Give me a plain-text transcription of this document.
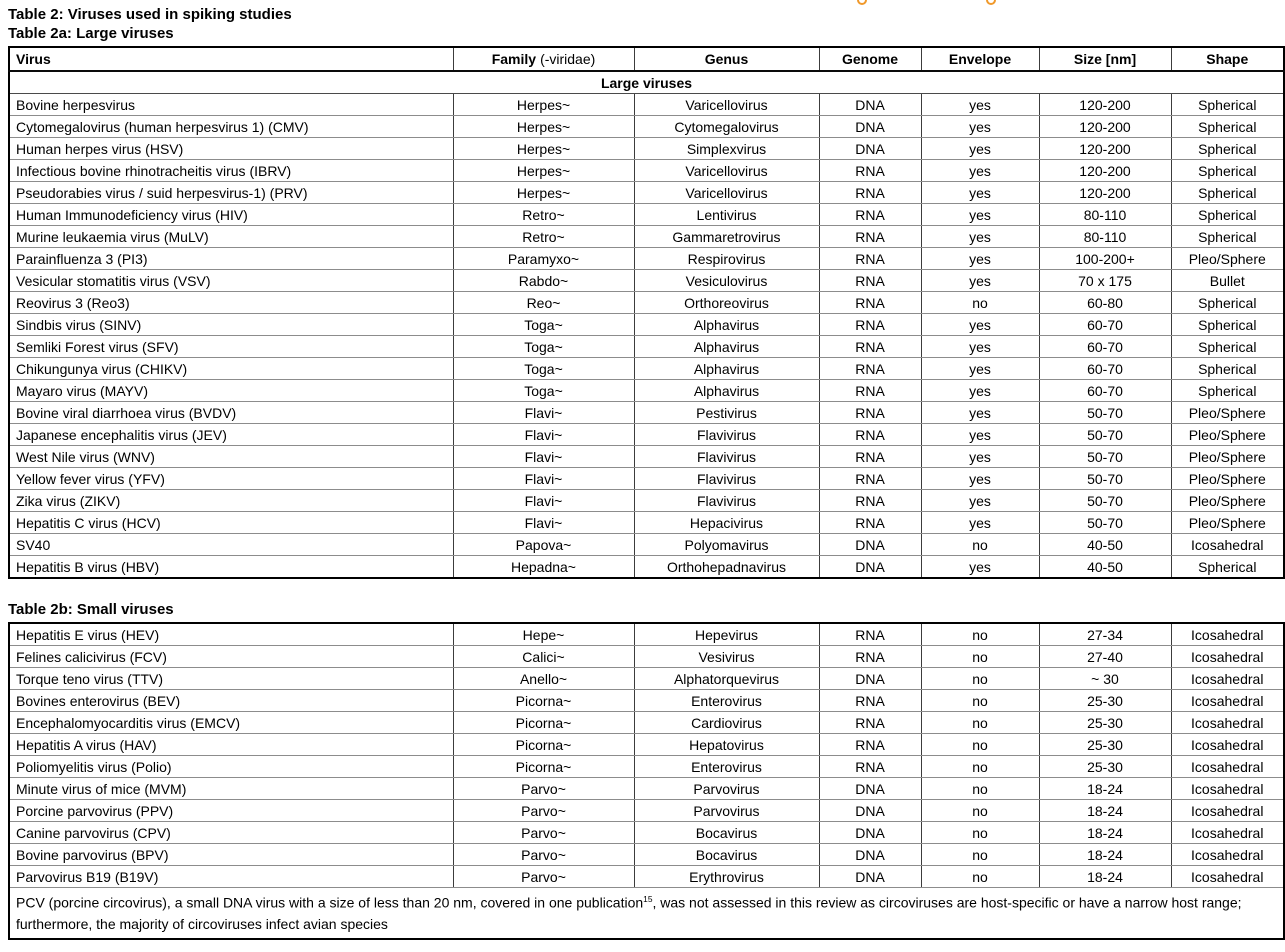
Table 2: Viruses used in spiking studies
Table 2a: Large viruses
Virus	Family (-viridae)	Genus	Genome	Envelope	Size [nm]	Shape
Large viruses						
Bovine herpesvirus	Herpes~	Varicellovirus	DNA	yes	120-200	Spherical
Cytomegalovirus (human herpesvirus 1) (CMV)	Herpes~	Cytomegalovirus	DNA	yes	120-200	Spherical
Human herpes virus (HSV)	Herpes~	Simplexvirus	DNA	yes	120-200	Spherical
Infectious bovine rhinotracheitis virus (IBRV)	Herpes~	Varicellovirus	RNA	yes	120-200	Spherical
Pseudorabies virus / suid herpesvirus-1) (PRV)	Herpes~	Varicellovirus	RNA	yes	120-200	Spherical
Human Immunodeficiency virus (HIV)	Retro~	Lentivirus	RNA	yes	80-110	Spherical
Murine leukaemia virus (MuLV)	Retro~	Gammaretrovirus	RNA	yes	80-110	Spherical
Parainfluenza 3 (PI3)	Paramyxo~	Respirovirus	RNA	yes	100-200+	Pleo/Sphere
Vesicular stomatitis virus (VSV)	Rabdo~	Vesiculovirus	RNA	yes	70 x 175	Bullet
Reovirus 3 (Reo3)	Reo~	Orthoreovirus	RNA	no	60-80	Spherical
Sindbis virus (SINV)	Toga~	Alphavirus	RNA	yes	60-70	Spherical
Semliki Forest virus (SFV)	Toga~	Alphavirus	RNA	yes	60-70	Spherical
Chikungunya virus (CHIKV)	Toga~	Alphavirus	RNA	yes	60-70	Spherical
Mayaro virus (MAYV)	Toga~	Alphavirus	RNA	yes	60-70	Spherical
Bovine viral diarrhoea virus (BVDV)	Flavi~	Pestivirus	RNA	yes	50-70	Pleo/Sphere
Japanese encephalitis virus (JEV)	Flavi~	Flavivirus	RNA	yes	50-70	Pleo/Sphere
West Nile virus (WNV)	Flavi~	Flavivirus	RNA	yes	50-70	Pleo/Sphere
Yellow fever virus (YFV)	Flavi~	Flavivirus	RNA	yes	50-70	Pleo/Sphere
Zika virus (ZIKV)	Flavi~	Flavivirus	RNA	yes	50-70	Pleo/Sphere
Hepatitis C virus (HCV)	Flavi~	Hepacivirus	RNA	yes	50-70	Pleo/Sphere
SV40	Papova~	Polyomavirus	DNA	no	40-50	Icosahedral
Hepatitis B virus (HBV)	Hepadna~	Orthohepadnavirus	DNA	yes	40-50	Spherical
Table 2b: Small viruses
Hepatitis E virus (HEV)	Hepe~	Hepevirus	RNA	no	27-34	Icosahedral
Felines calicivirus (FCV)	Calici~	Vesivirus	RNA	no	27-40	Icosahedral
Torque teno virus (TTV)	Anello~	Alphatorquevirus	DNA	no	~ 30	Icosahedral
Bovines enterovirus (BEV)	Picorna~	Enterovirus	RNA	no	25-30	Icosahedral
Encephalomyocarditis virus (EMCV)	Picorna~	Cardiovirus	RNA	no	25-30	Icosahedral
Hepatitis A virus (HAV)	Picorna~	Hepatovirus	RNA	no	25-30	Icosahedral
Poliomyelitis virus (Polio)	Picorna~	Enterovirus	RNA	no	25-30	Icosahedral
Minute virus of mice (MVM)	Parvo~	Parvovirus	DNA	no	18-24	Icosahedral
Porcine parvovirus (PPV)	Parvo~	Parvovirus	DNA	no	18-24	Icosahedral
Canine parvovirus (CPV)	Parvo~	Bocavirus	DNA	no	18-24	Icosahedral
Bovine parvovirus (BPV)	Parvo~	Bocavirus	DNA	no	18-24	Icosahedral
Parvovirus B19 (B19V)	Parvo~	Erythrovirus	DNA	no	18-24	Icosahedral
PCV (porcine circovirus), a small DNA virus with a size of less than 20 nm, covered in one publication$^{15}$, was not assessed in this review as circoviruses are host-specific or have a narrow host range; furthermore, the majority of circoviruses infect avian species						
